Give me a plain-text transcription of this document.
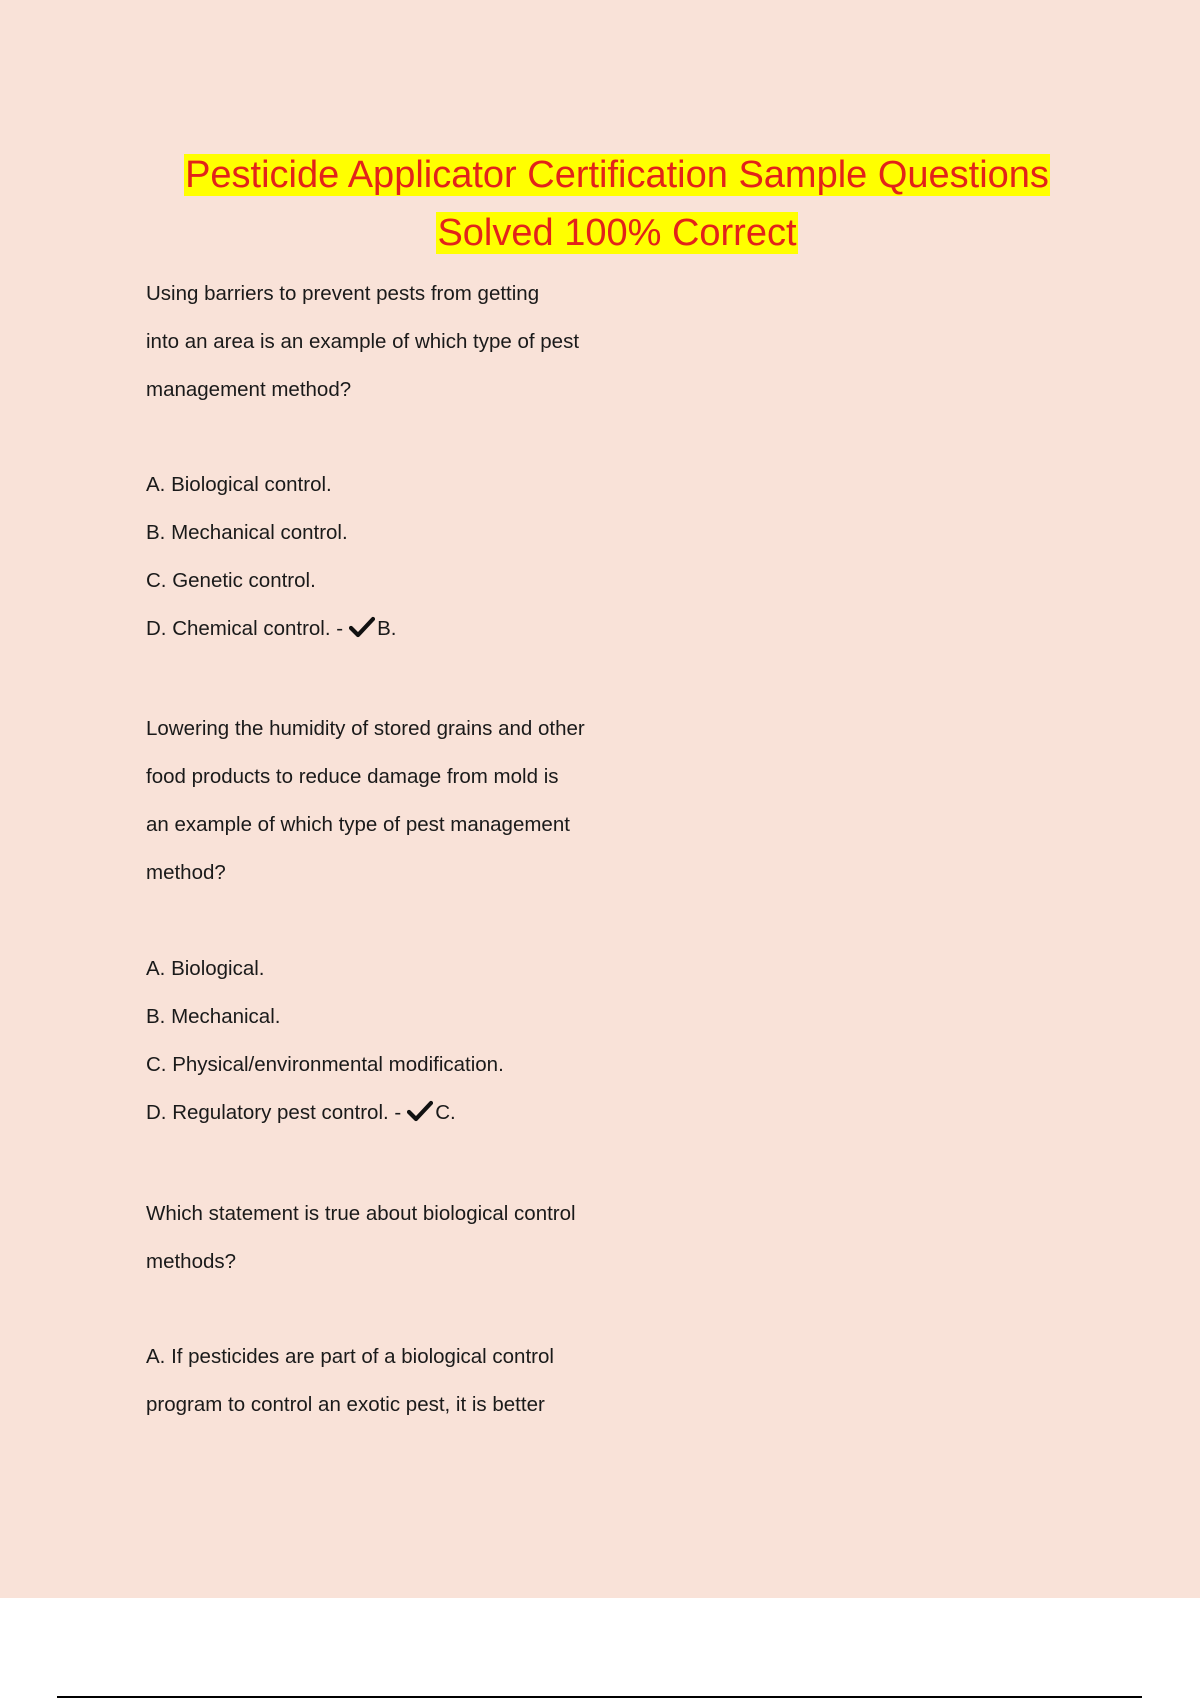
Pesticide Applicator Certification Sample Questions
Solved 100% Correct
Using barriers to prevent pests from getting
into an area is an example of which type of pest
management method?
A. Biological control.
B. Mechanical control.
C. Genetic control.
D. Chemical control. - B.
Lowering the humidity of stored grains and other
food products to reduce damage from mold is
an example of which type of pest management
method?
A. Biological.
B. Mechanical.
C. Physical/environmental modification.
D. Regulatory pest control. - C.
Which statement is true about biological control
methods?
A. If pesticides are part of a biological control
program to control an exotic pest, it is better
